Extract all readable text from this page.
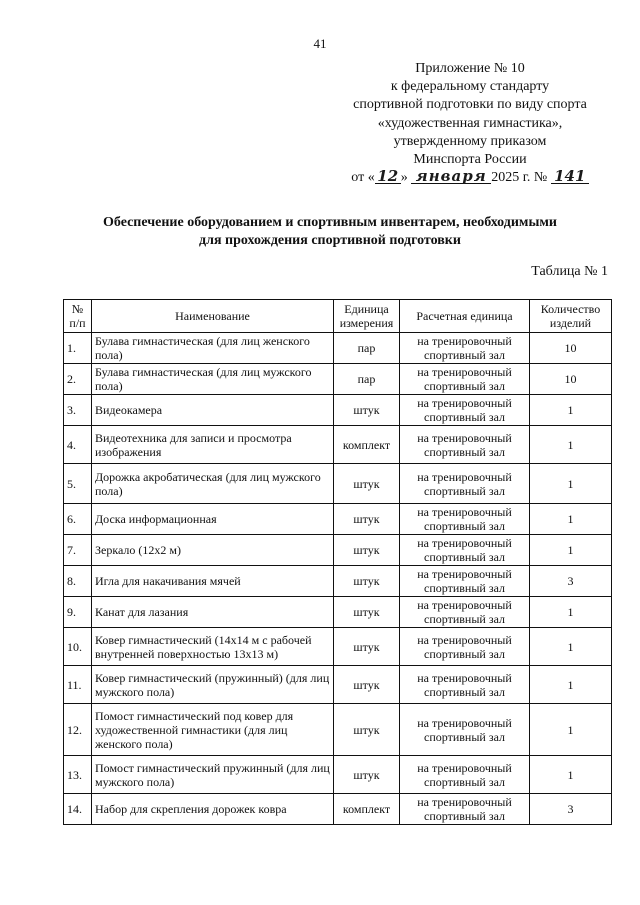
41
Приложение № 10
к федеральному стандарту
спортивной подготовки по виду спорта
«художественная гимнастика»,
утвержденному приказом
Минспорта России
от « 12 » января 2025 г. № 141
Обеспечение оборудованием и спортивным инвентарем, необходимыми
для прохождения спортивной подготовки
Таблица № 1
№ п/п	Наименование	Единица измерения	Расчетная единица	Количество изделий
1.	Булава гимнастическая (для лиц женского пола)	пар	на тренировочный спортивный зал	10
2.	Булава гимнастическая (для лиц мужского пола)	пар	на тренировочный спортивный зал	10
3.	Видеокамера	штук	на тренировочный спортивный зал	1
4.	Видеотехника для записи и просмотра изображения	комплект	на тренировочный спортивный зал	1
5.	Дорожка акробатическая (для лиц мужского пола)	штук	на тренировочный спортивный зал	1
6.	Доска информационная	штук	на тренировочный спортивный зал	1
7.	Зеркало (12х2 м)	штук	на тренировочный спортивный зал	1
8.	Игла для накачивания мячей	штук	на тренировочный спортивный зал	3
9.	Канат для лазания	штук	на тренировочный спортивный зал	1
10.	Ковер гимнастический (14х14 м с рабочей внутренней поверхностью 13х13 м)	штук	на тренировочный спортивный зал	1
11.	Ковер гимнастический (пружинный) (для лиц мужского пола)	штук	на тренировочный спортивный зал	1
12.	Помост гимнастический под ковер для художественной гимнастики (для лиц женского пола)	штук	на тренировочный спортивный зал	1
13.	Помост гимнастический пружинный (для лиц мужского пола)	штук	на тренировочный спортивный зал	1
14.	Набор для скрепления дорожек ковра	комплект	на тренировочный спортивный зал	3
